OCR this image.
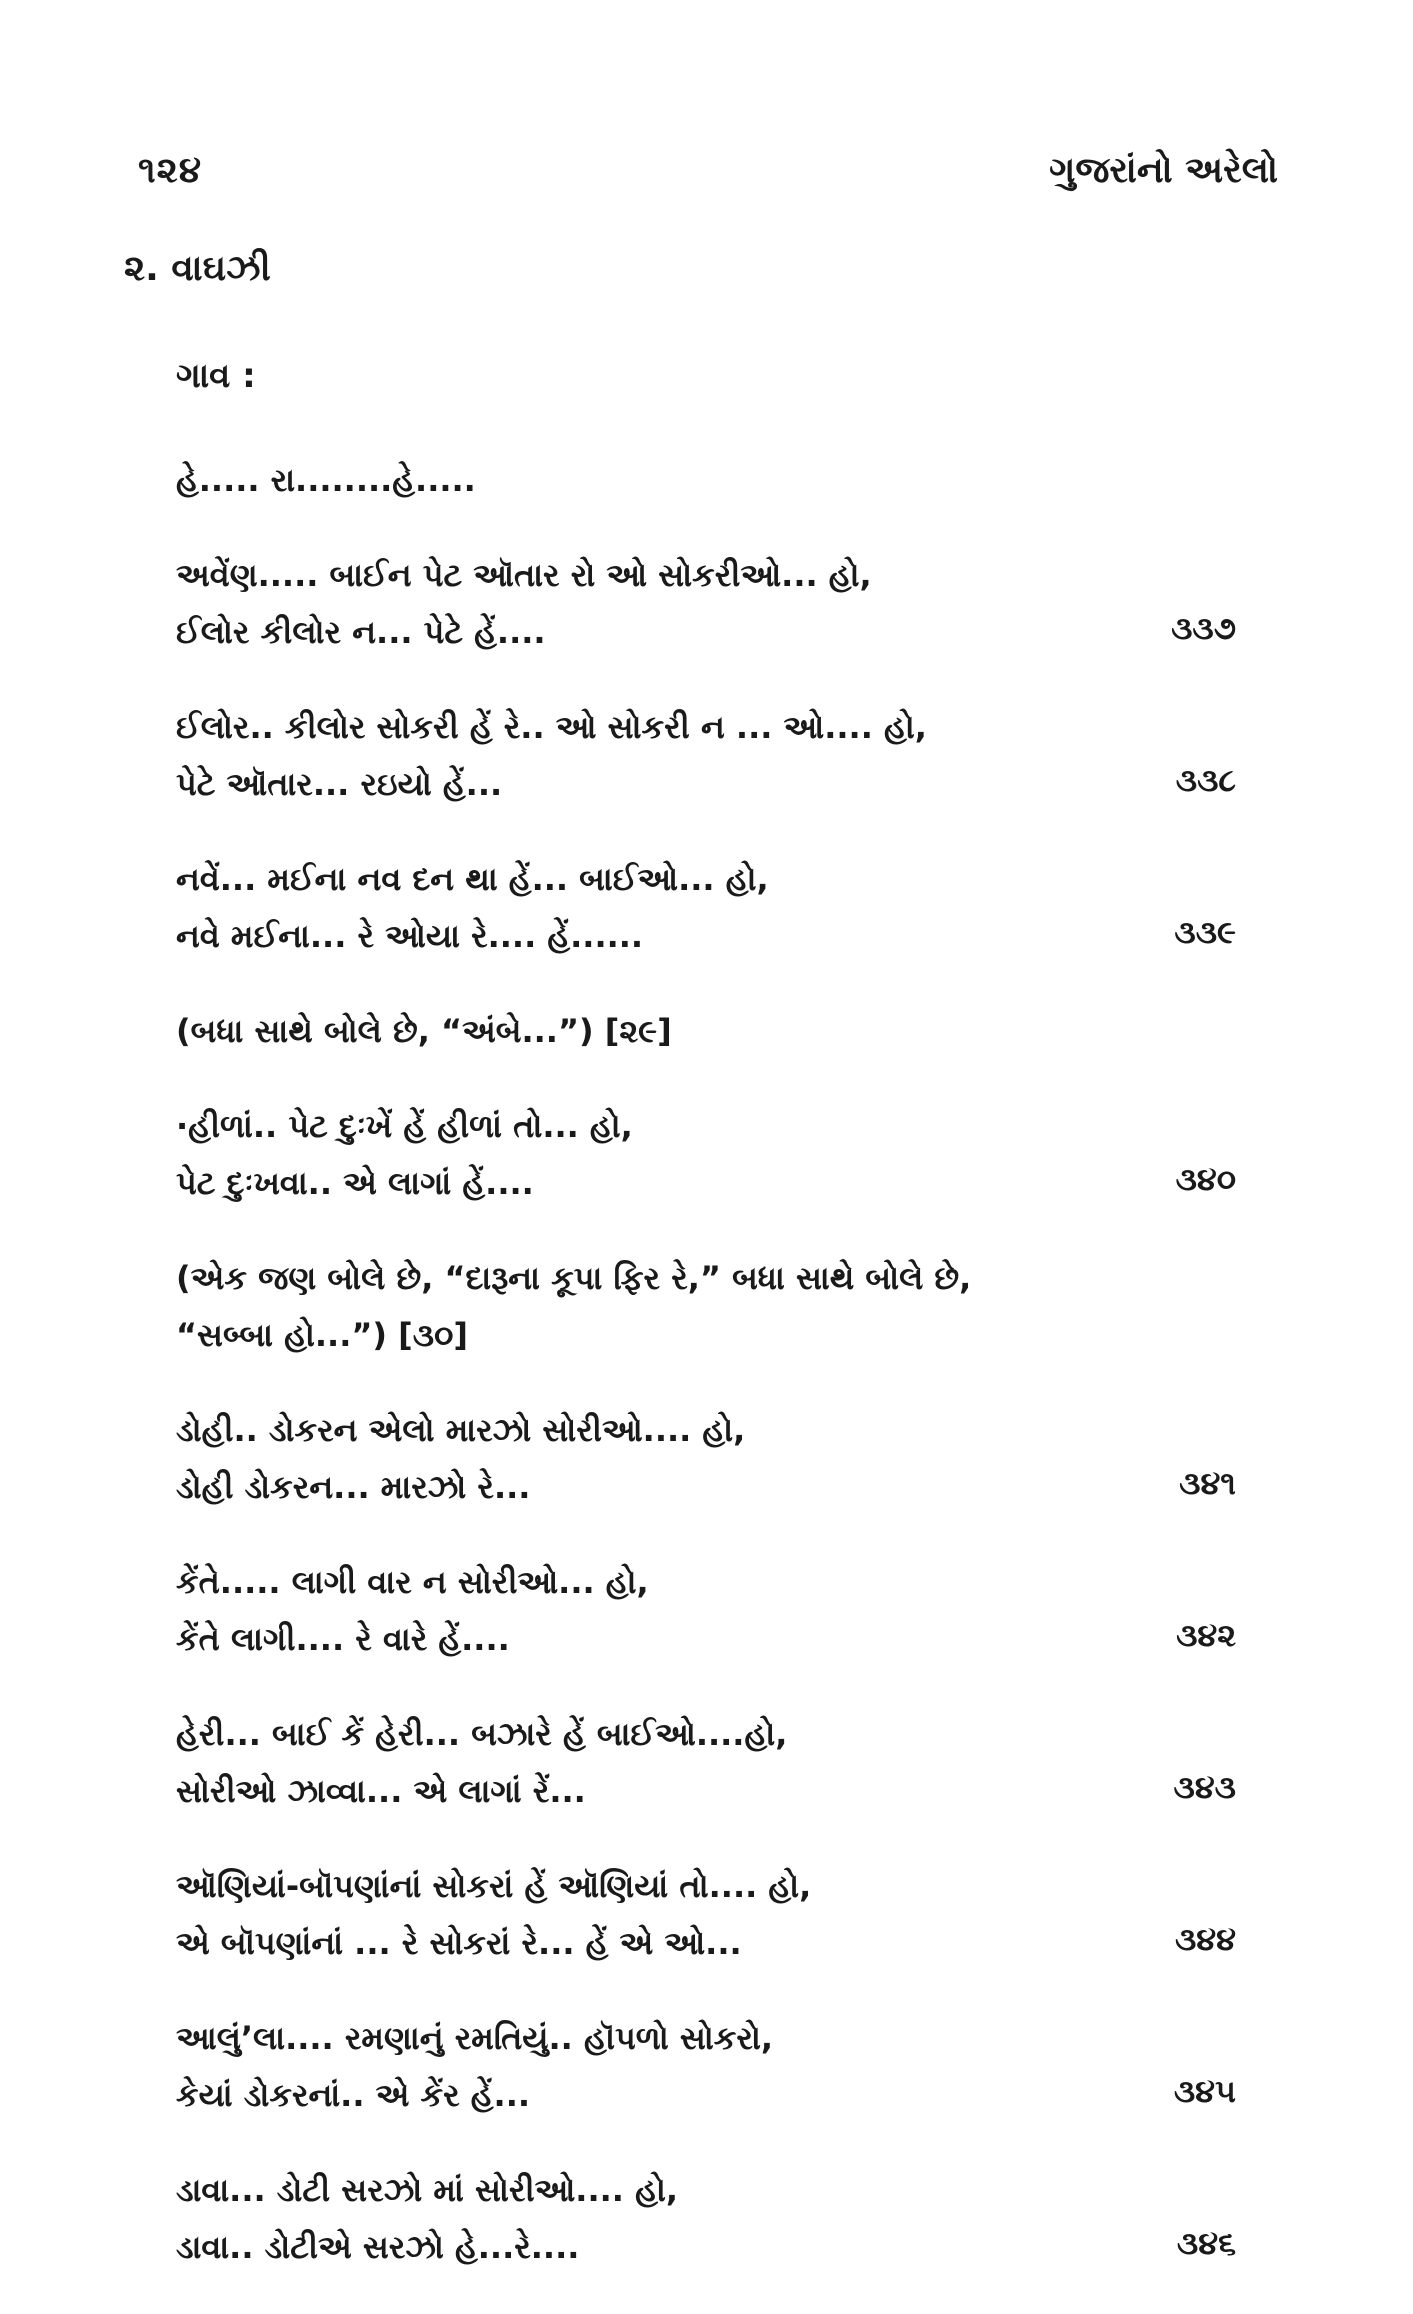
૧૨૪	ગુજરાંનો અરેલો
૨. વાઘઝી
ગાવ :
હે..... રા........હે.....
અવેંણ..... બાઈન પેટ ઑતાર રો ઓ સોકરીઓ... હો,
ઈલોર કીલોર ન... પેટે હેં....	૩૩૭
ઈલોર.. કીલોર સોકરી હેં રે.. ઓ સોકરી ન ... ઓ.... હો,
પેટે ઑતાર... રઇયો હેં...	૩૩૮
નવેં... મઈના નવ દન થા હેં... બાઈઓ... હો,
નવે મઈના... રે ઓયા રે.... હેં......	૩૩૯
(બધા સાથે બોલે છે, “અંબે...”) [૨૯]
·હીળાં.. પેટ દુઃખેં હેં હીળાં તો... હો,
પેટ દુઃખવા.. એ લાગાં હેં....	૩૪૦
(એક જણ બોલે છે, “દારૂના કૂપા ફિર રે,” બધા સાથે બોલે છે,
“સબ્બા હો...”) [૩૦]
ડોહી.. ડોકરન એલો મારઝો સોરીઓ.... હો,
ડોહી ડોકરન... મારઝો રે...	૩૪૧
કેંતે..... લાગી વાર ન સોરીઓ... હો,
કેંતે લાગી.... રે વારે હેં....	૩૪૨
હેરી... બાઈ કેં હેરી... બઝારે હેં બાઈઓ....હો,
સોરીઓ ઝાવ્વા... એ લાગાં રેં...	૩૪૩
ઑણિયાં-બૉપણાંનાં સોકરાં હેં ઑણિયાં તો.... હો,
એ બૉપણાંનાં ... રે સોકરાં રે... હેં એ ઓ...	૩૪૪
આલું’લા.... રમણાનું રમતિયું.. હૉપળો સોકરો,
કેયાં ડોકરનાં.. એ કેંર હેં...	૩૪૫
ડાવા... ડોટી સરઝો માં સોરીઓ.... હો,
ડાવા.. ડોટીએ સરઝો હે...રે....	૩૪૬
